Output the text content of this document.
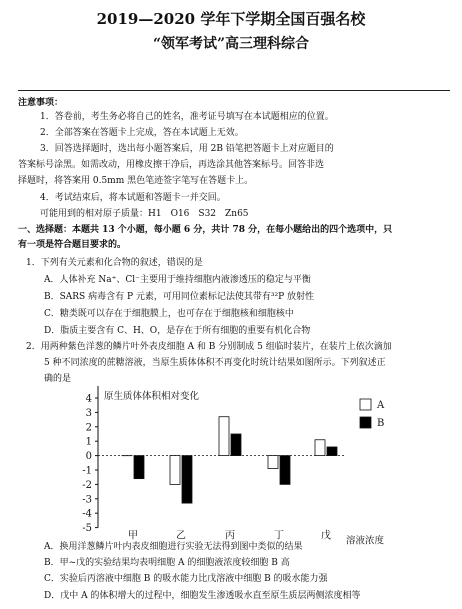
2019—2020 学年下学期全国百强名校
“领军考试”高三理科综合
注意事项：
1．答卷前，考生务必将自己的姓名，准考证号填写在本试题相应的位置。
2．全部答案在答题卡上完成，答在本试题上无效。
3．回答选择题时，选出每小题答案后，用 2B 铅笔把答题卡上对应题目的
答案标号涂黑。如需改动，用橡皮擦干净后，再选涂其他答案标号。回答非选
择题时，将答案用 0.5mm 黑色笔迹签字笔写在答题卡上。
4．考试结束后，将本试题和答题卡一并交回。
可能用到的相对原子质量：H1　O16　S32　Zn65
一、选择题：本题共 13 个小题，每小题 6 分，共计 78 分，在每小题给出的四个选项中，只
有一项是符合题目要求的。
1．下列有关元素和化合物的叙述，错误的是
A．人体补充 Na⁺、Cl⁻主要用于维持细胞内液渗透压的稳定与平衡
B．SARS 病毒含有 P 元素，可用同位素标记法使其带有³²P 放射性
C．糖类既可以存在于细胞膜上，也可存在于细胞核和细胞核中
D．脂质主要含有 C、H、O，是存在于所有细胞的重要有机化合物
2．用两种紫色洋葱的鳞片叶外表皮细胞 A 和 B 分别制成 5 组临时装片，在装片上依次滴加
5 种不同浓度的蔗糖溶液，当原生质体体积不再变化时统计结果如图所示。下列叙述正
确的是
4
3
2
1
0
-1
-2
-3
-4
-5
原生质体体积相对变化
甲	乙	丙	丁	戊 溶液浓度
A
B
A．换用洋葱鳞片叶内表皮细胞进行实验无法得到图中类似的结果
B．甲~戊的实验结果均表明细胞 A 的细胞液浓度较细胞 B 高
C．实验后丙溶液中细胞 B 的吸水能力比戊溶液中细胞 B 的吸水能力强
D．戊中 A 的体积增大的过程中，细胞发生渗透吸水直至原生质层两侧浓度相等
